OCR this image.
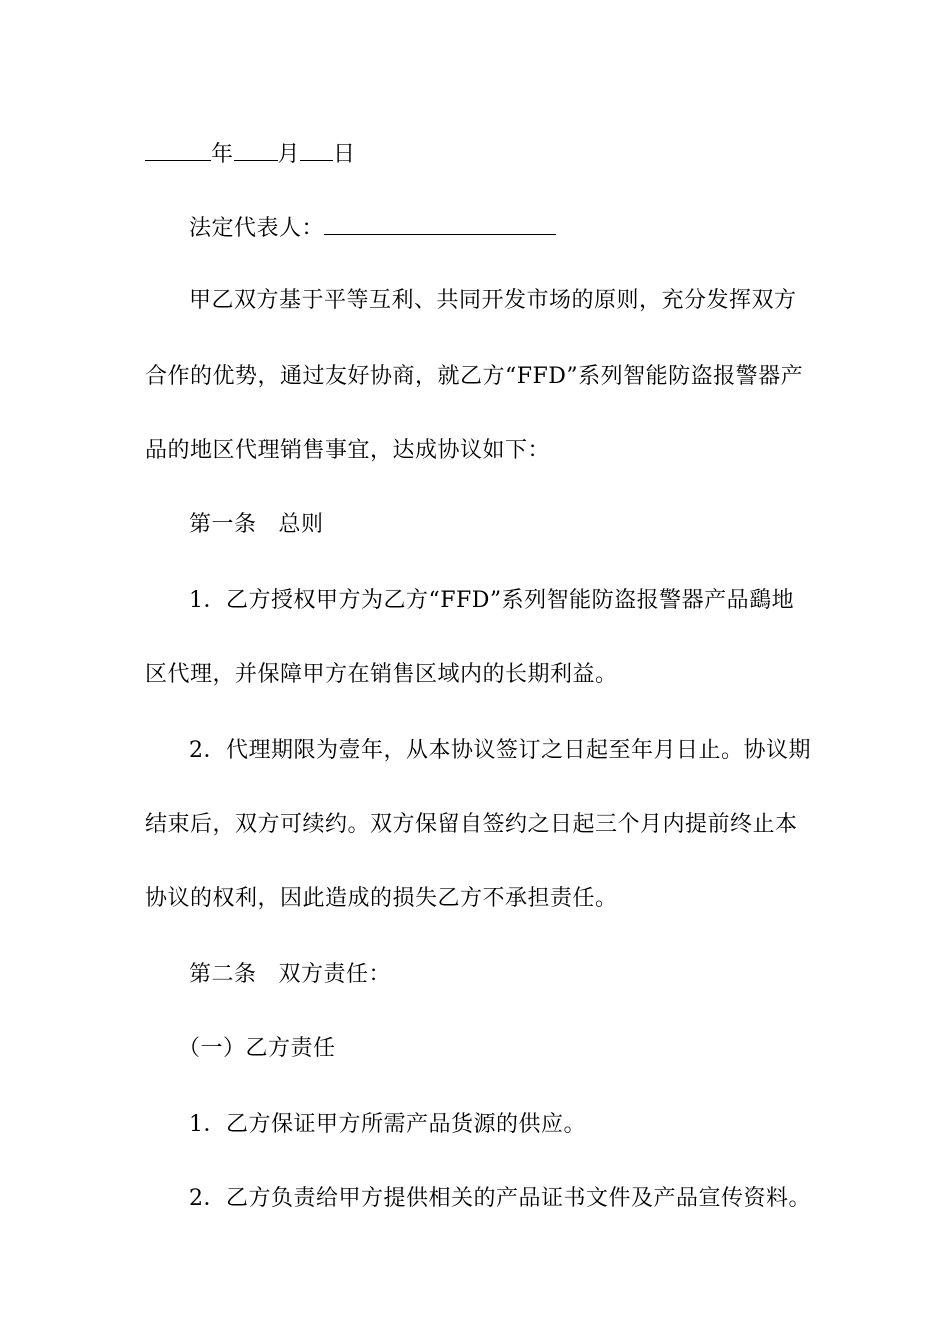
年 月 日
法定代表人：
甲乙双方基于平等互利、共同开发市场的原则，充分发挥双方
合作的优势，通过友好协商，就乙方“FFD”系列智能防盗报警器产
品的地区代理销售事宜，达成协议如下：
第一条 总则
1．乙方授权甲方为乙方“FFD”系列智能防盗报警器产品鷂地
区代理，并保障甲方在销售区域内的长期利益。
2．代理期限为壹年，从本协议签订之日起至年月日止。协议期
结束后，双方可续约。双方保留自签约之日起三个月内提前终止本
协议的权利，因此造成的损失乙方不承担责任。
第二条 双方责任：
（一）乙方责任
1．乙方保证甲方所需产品货源的供应。
2．乙方负责给甲方提供相关的产品证书文件及产品宣传资料。
